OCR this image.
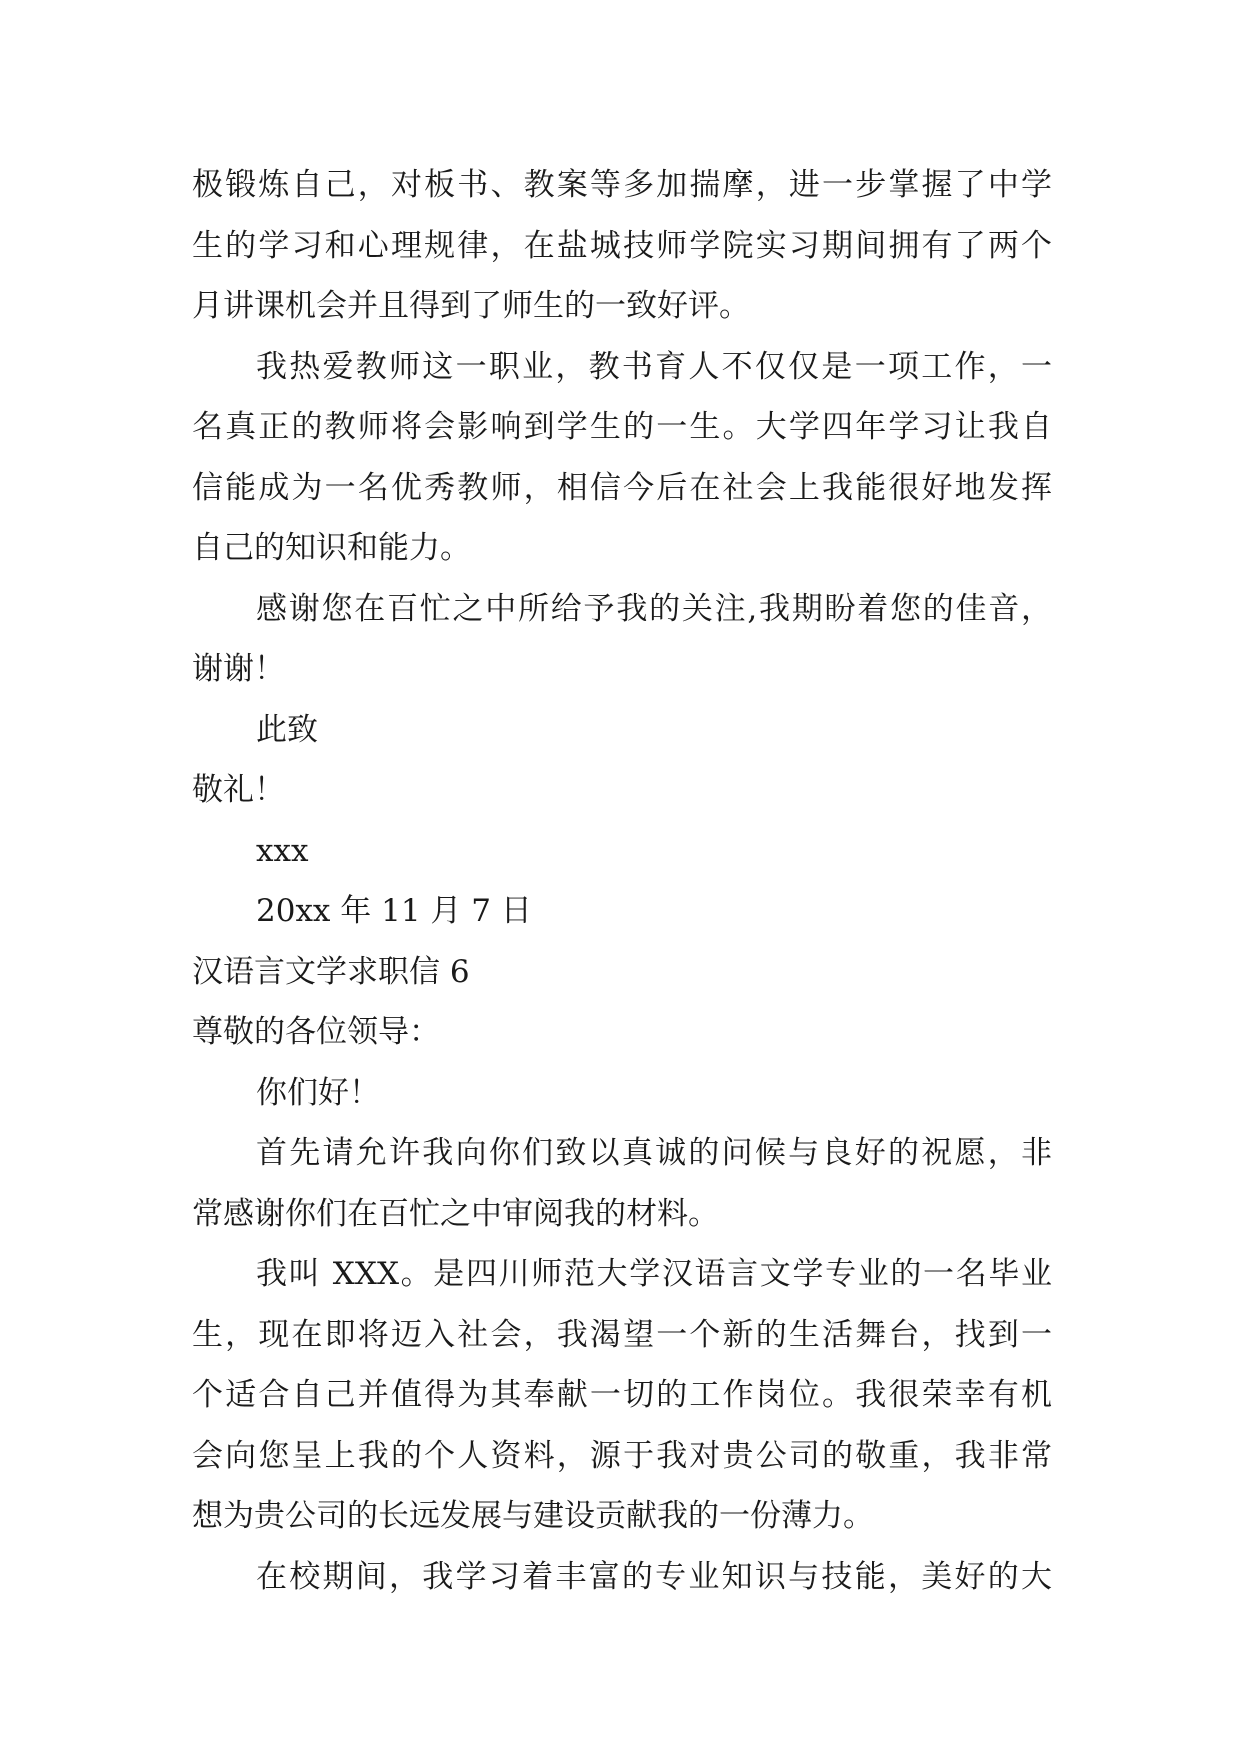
极锻炼自己，对板书、教案等多加揣摩，进一步掌握了中学
生的学习和心理规律，在盐城技师学院实习期间拥有了两个
月讲课机会并且得到了师生的一致好评。
我热爱教师这一职业，教书育人不仅仅是一项工作，一
名真正的教师将会影响到学生的一生。大学四年学习让我自
信能成为一名优秀教师，相信今后在社会上我能很好地发挥
自己的知识和能力。
感谢您在百忙之中所给予我的关注,我期盼着您的佳音，
谢谢！
此致
敬礼！
xxx
20xx 年 11 月 7 日
汉语言文学求职信 6
尊敬的各位领导：
你们好！
首先请允许我向你们致以真诚的问候与良好的祝愿，非
常感谢你们在百忙之中审阅我的材料。
我叫 XXX。是四川师范大学汉语言文学专业的一名毕业
生，现在即将迈入社会，我渴望一个新的生活舞台，找到一
个适合自己并值得为其奉献一切的工作岗位。我很荣幸有机
会向您呈上我的个人资料，源于我对贵公司的敬重，我非常
想为贵公司的长远发展与建设贡献我的一份薄力。
在校期间，我学习着丰富的专业知识与技能，美好的大
